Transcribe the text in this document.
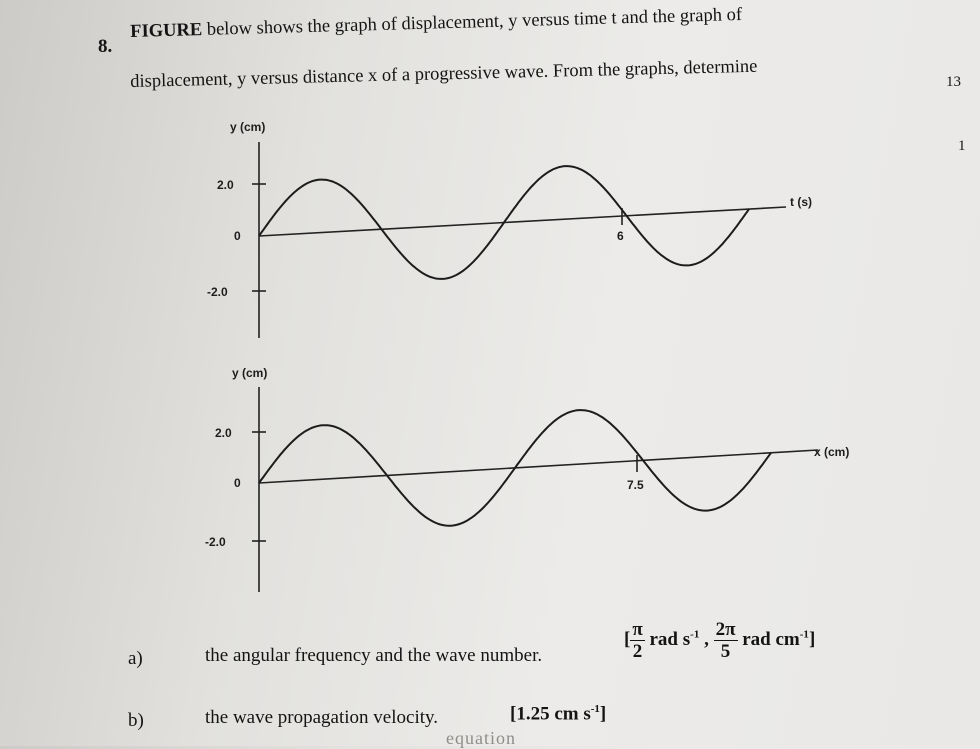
8.
FIGURE below shows the graph of displacement, y versus time t and the graph of
displacement, y versus distance x of a progressive wave. From the graphs, determine	13
1
y (cm)
t (s)
2.0
0
-2.0
6
y (cm)
x (cm)
2.0
0
-2.0
7.5
a)	the angular frequency and the wave number.
[ $\frac{\pi}{2}$ rad $s^{-1}$ , $\frac{2\pi}{5}$ rad $cm^{-1}$]
b)	the wave propagation velocity.	[1.25 cm $s^{-1}$]
equation
